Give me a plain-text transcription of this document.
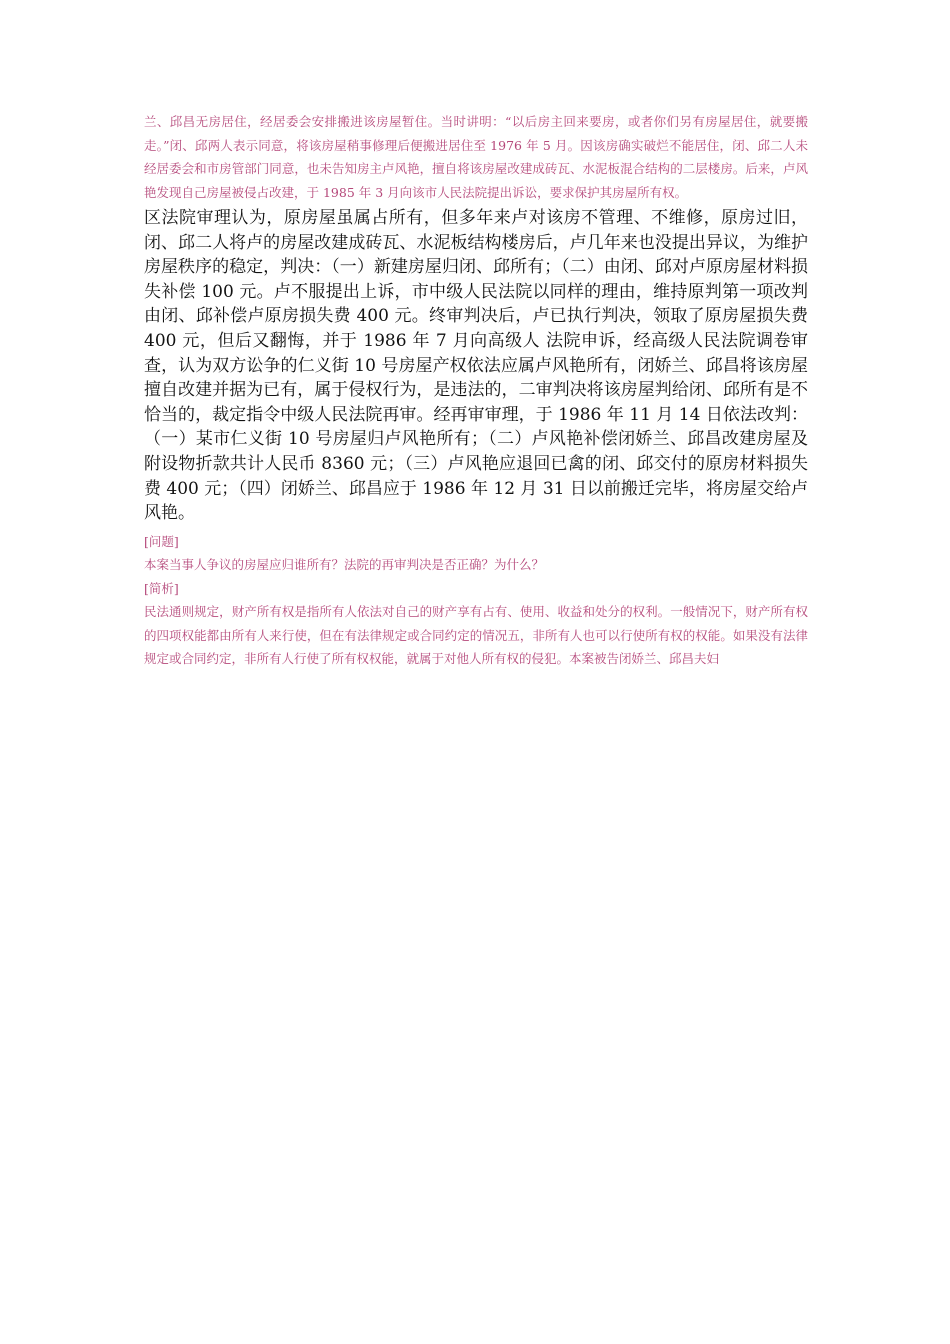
兰、邱昌无房居住，经居委会安排搬进该房屋暂住。当时讲明：“以后房主回来要房，或者你们另有房屋居住，就要搬走。”闭、邱两人表示同意，将该房屋稍事修理后便搬进居住至 1976 年 5 月。因该房确实破烂不能居住，闭、邱二人未经居委会和市房管部门同意，也未告知房主卢风艳，擅自将该房屋改建成砖瓦、水泥板混合结构的二层楼房。后来，卢风艳发现自己房屋被侵占改建，于 1985 年 3 月向该市人民法院提出诉讼，要求保护其房屋所有权。

区法院审理认为，原房屋虽属占所有，但多年来卢对该房不管理、不维修，原房过旧，闭、邱二人将卢的房屋改建成砖瓦、水泥板结构楼房后，卢几年来也没提出异议，为维护房屋秩序的稳定，判决：（一）新建房屋归闭、邱所有；（二）由闭、邱对卢原房屋材料损失补偿 100 元。卢不服提出上诉，市中级人民法院以同样的理由，维持原判第一项改判由闭、邱补偿卢原房损失费 400 元。终审判决后，卢已执行判决，领取了原房屋损失费 400 元，但后又翻悔，并于 1986 年 7 月向高级人 法院申诉，经高级人民法院调卷审查，认为双方讼争的仁义街 10 号房屋产权依法应属卢风艳所有，闭娇兰、邱昌将该房屋擅自改建并据为已有，属于侵权行为，是违法的，二审判决将该房屋判给闭、邱所有是不恰当的，裁定指令中级人民法院再审。经再审审理，于 1986 年 11 月 14 日依法改判：（一）某市仁义街 10 号房屋归卢风艳所有；（二）卢风艳补偿闭娇兰、邱昌改建房屋及附设物折款共计人民币 8360 元；（三）卢风艳应退回已禽的闭、邱交付的原房材料损失费 400 元；（四）闭娇兰、邱昌应于 1986 年 12 月 31 日以前搬迁完毕，将房屋交给卢风艳。

[问题]

本案当事人争议的房屋应归谁所有？法院的再审判决是否正确？为什么？

[简析]

民法通则规定，财产所有权是指所有人依法对自己的财产享有占有、使用、收益和处分的权利。一般情况下，财产所有权的四项权能都由所有人来行使，但在有法律规定或合同约定的情况五，非所有人也可以行使所有权的权能。如果没有法律规定或合同约定，非所有人行使了所有权权能，就属于对他人所有权的侵犯。本案被告闭娇兰、邱昌夫妇
